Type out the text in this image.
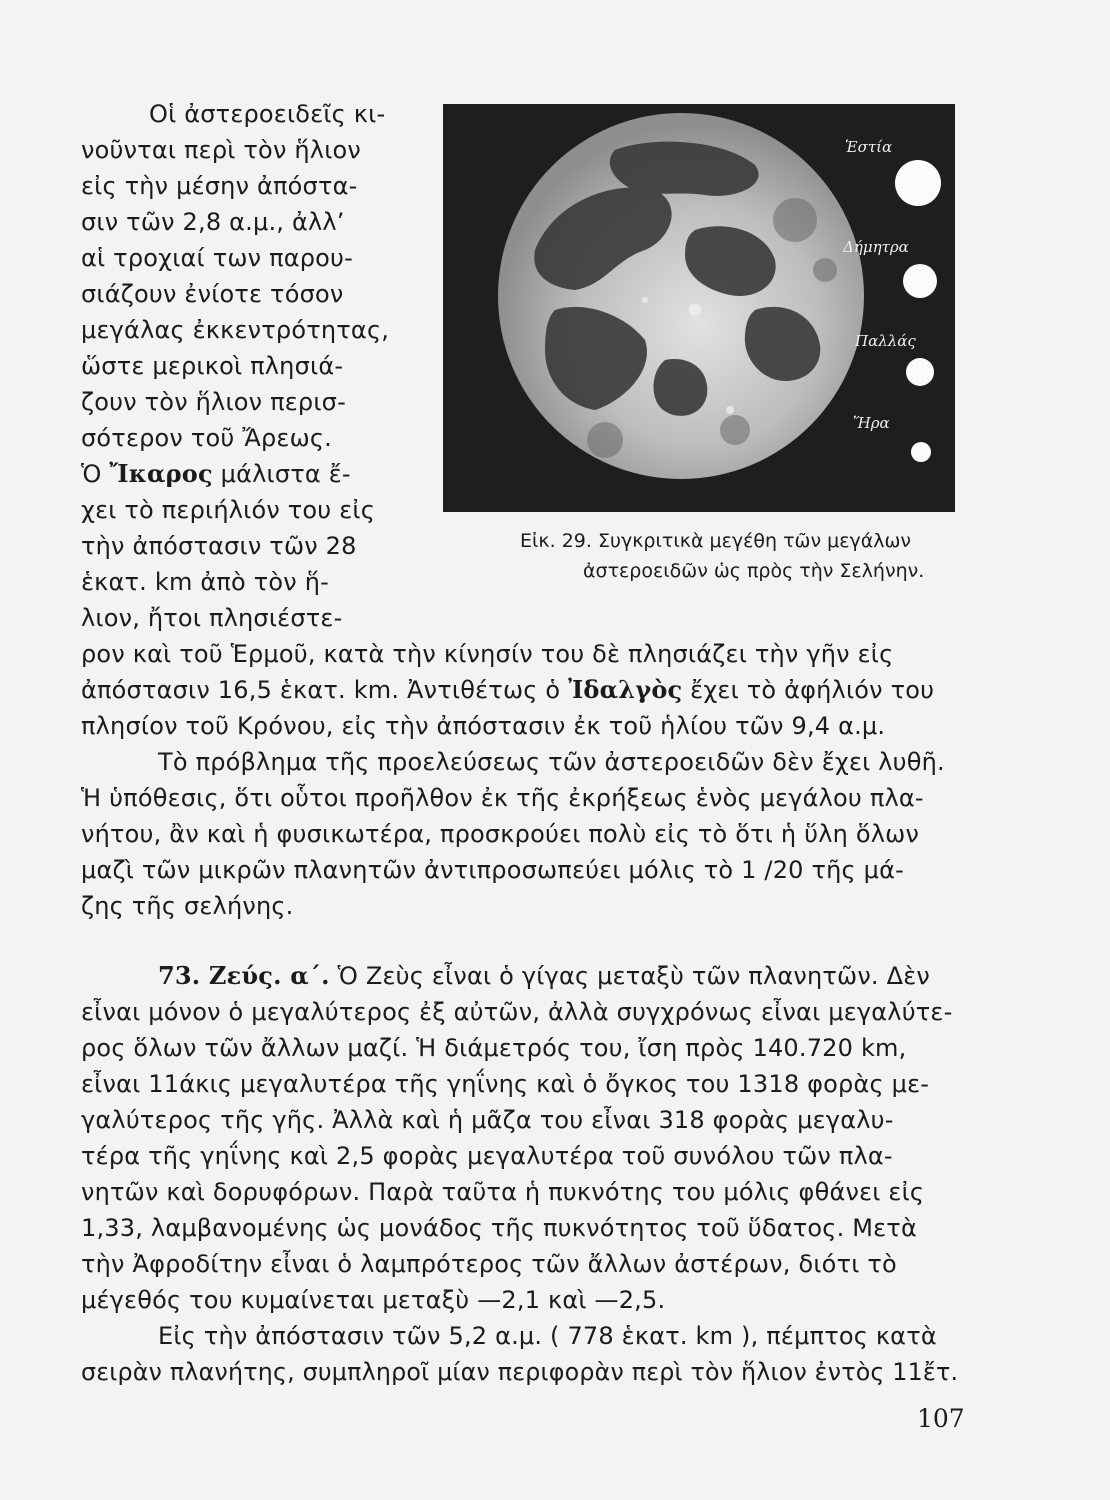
Οἱ ἀστεροειδεῖς κι-
νοῦνται περὶ τὸν ἥλιον
εἰς τὴν μέσην ἀπόστα-
σιν τῶν 2,8 α.μ., ἀλλ’
αἱ τροχιαί των παρου-
σιάζουν ἐνίοτε τόσον
μεγάλας ἐκκεντρότητας,
ὥστε μερικοὶ πλησιά-
ζουν τὸν ἥλιον περισ-
σότερον τοῦ Ἄρεως.
Ὁ Ἴκαρος μάλιστα ἔ-
χει τὸ περιήλιόν του εἰς
τὴν ἀπόστασιν τῶν 28
ἑκατ. km ἀπὸ τὸν ἥ-
λιον, ἤτοι πλησιέστε-
Ἑστία
Δήμητρα
Παλλάς
Ἥρα
Εἰκ. 29. Συγκριτικὰ μεγέθη τῶν μεγάλων
ἀστεροειδῶν ὡς πρὸς τὴν Σελήνην.
ρον καὶ τοῦ Ἑρμοῦ, κατὰ τὴν κίνησίν του δὲ πλησιάζει τὴν γῆν εἰς
ἀπόστασιν 16,5 ἑκατ. km. Ἀντιθέτως ὁ Ἰδαλγὸς ἔχει τὸ ἀφήλιόν του
πλησίον τοῦ Κρόνου, εἰς τὴν ἀπόστασιν ἐκ τοῦ ἡλίου τῶν 9,4 α.μ.
Τὸ πρόβλημα τῆς προελεύσεως τῶν ἀστεροειδῶν δὲν ἔχει λυθῆ.
Ἡ ὑπόθεσις, ὅτι οὗτοι προῆλθον ἐκ τῆς ἐκρήξεως ἑνὸς μεγάλου πλα-
νήτου, ἂν καὶ ἡ φυσικωτέρα, προσκρούει πολὺ εἰς τὸ ὅτι ἡ ὕλη ὅλων
μαζὶ τῶν μικρῶν πλανητῶν ἀντιπροσωπεύει μόλις τὸ 1 /20 τῆς μά-
ζης τῆς σελήνης.
73. Ζεύς. α΄. Ὁ Ζεὺς εἶναι ὁ γίγας μεταξὺ τῶν πλανητῶν. Δὲν
εἶναι μόνον ὁ μεγαλύτερος ἐξ αὐτῶν, ἀλλὰ συγχρόνως εἶναι μεγαλύτε-
ρος ὅλων τῶν ἄλλων μαζί. Ἡ διάμετρός του, ἴση πρὸς 140.720 km,
εἶναι 11άκις μεγαλυτέρα τῆς γηΐνης καὶ ὁ ὄγκος του 1318 φορὰς με-
γαλύτερος τῆς γῆς. Ἀλλὰ καὶ ἡ μᾶζα του εἶναι 318 φορὰς μεγαλυ-
τέρα τῆς γηΐνης καὶ 2,5 φορὰς μεγαλυτέρα τοῦ συνόλου τῶν πλα-
νητῶν καὶ δορυφόρων. Παρὰ ταῦτα ἡ πυκνότης του μόλις φθάνει εἰς
1,33, λαμβανομένης ὡς μονάδος τῆς πυκνότητος τοῦ ὕδατος. Μετὰ
τὴν Ἀφροδίτην εἶναι ὁ λαμπρότερος τῶν ἄλλων ἀστέρων, διότι τὸ
μέγεθός του κυμαίνεται μεταξὺ —2,1 καὶ —2,5.
Εἰς τὴν ἀπόστασιν τῶν 5,2 α.μ. ( 778 ἑκατ. km ), πέμπτος κατὰ
σειρὰν πλανήτης, συμπληροῖ μίαν περιφορὰν περὶ τὸν ἥλιον ἐντὸς 11ἔτ.
107
